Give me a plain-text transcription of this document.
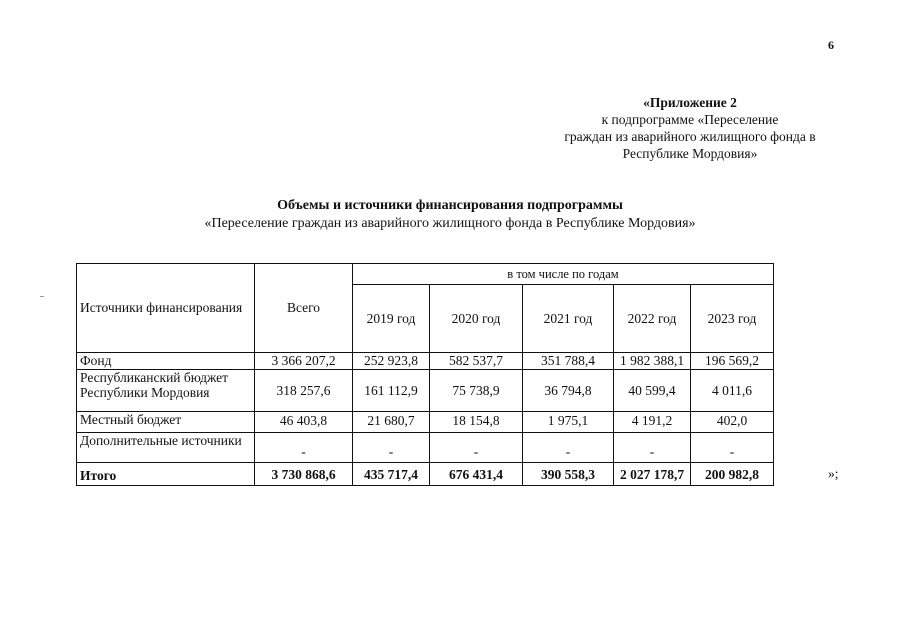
6
«Приложение 2
к подпрограмме «Переселение
граждан из аварийного жилищного фонда в
Республике Мордовия»
Объемы и источники финансирования подпрограммы
«Переселение граждан из аварийного жилищного фонда в Республике Мордовия»
Источники финансирования	Всего	в том числе по годам				
		2019 год	2020 год	2021 год	2022 год	2023 год
Фонд	3 366 207,2	252 923,8	582 537,7	351 788,4	1 982 388,1	196 569,2

Республиканский бюджет
Республики Мордовия	318 257,6	161 112,9	75 738,9	36 794,8	40 599,4	4 011,6
Местный бюджет	46 403,8	21 680,7	18 154,8	1 975,1	4 191,2	402,0
Дополнительные источники	-	-	-	-	-	-
Итого	3 730 868,6	435 717,4	676 431,4	390 558,3	2 027 178,7	200 982,8	»;
